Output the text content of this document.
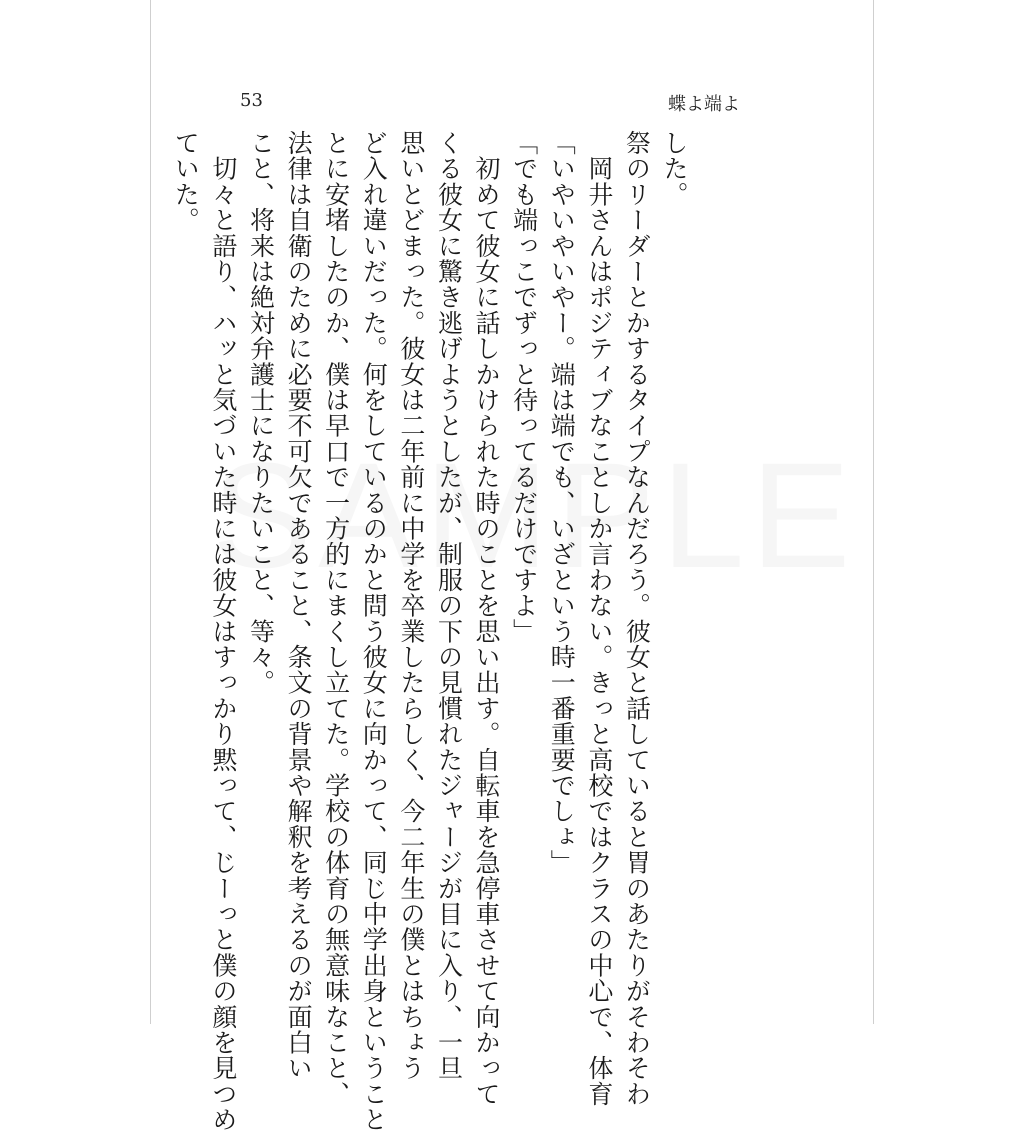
53	蝶よ端よ
した。
祭のリーダーとかするタイプなんだろう。彼女と話していると胃のあたりがそわそわ
　岡井さんはポジティブなことしか言わない。きっと高校ではクラスの中心で、体育
「いやいやいやー。端は端でも、いざという時一番重要でしょ」
「でも端っこでずっと待ってるだけですよ」
　初めて彼女に話しかけられた時のことを思い出す。自転車を急停車させて向かって
くる彼女に驚き逃げようとしたが、制服の下の見慣れたジャージが目に入り、一旦
思いとどまった。彼女は二年前に中学を卒業したらしく、今二年生の僕とはちょう
ど入れ違いだった。何をしているのかと問う彼女に向かって、同じ中学出身ということ
とに安堵したのか、僕は早口で一方的にまくし立てた。学校の体育の無意味なこと、
法律は自衛のために必要不可欠であること、条文の背景や解釈を考えるのが面白い
こと、将来は絶対弁護士になりたいこと、等々。
　切々と語り、ハッと気づいた時には彼女はすっかり黙って、じーっと僕の顔を見つめ
ていた。
